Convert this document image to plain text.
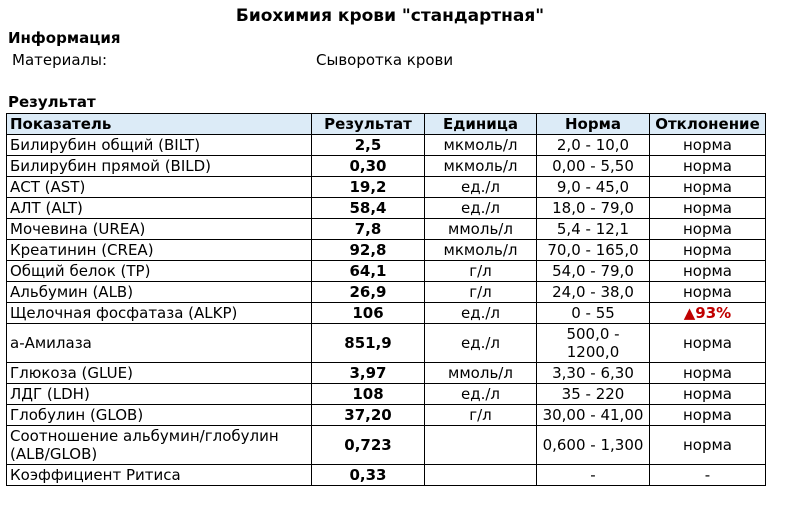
Биохимия крови "стандартная"
Информация
Материалы:	Сыворотка крови
Результат
Показатель	Результат	Единица	Норма	Отклонение
Билирубин общий (BILT)	2,5	мкмоль/л	2,0 - 10,0	норма
Билирубин прямой (BILD)	0,30	мкмоль/л	0,00 - 5,50	норма
АСТ (AST)	19,2	ед./л	9,0 - 45,0	норма
АЛТ (ALT)	58,4	ед./л	18,0 - 79,0	норма
Мочевина (UREA)	7,8	ммоль/л	5,4 - 12,1	норма
Креатинин (CREA)	92,8	мкмоль/л	70,0 - 165,0	норма
Общий белок (TP)	64,1	г/л	54,0 - 79,0	норма
Альбумин (ALB)	26,9	г/л	24,0 - 38,0	норма
Щелочная фосфатаза (ALKP)	106	ед./л	0 - 55	▲93%
a-Амилаза	851,9	ед./л	500,0 - 1200,0	норма
Глюкоза (GLUE)	3,97	ммоль/л	3,30 - 6,30	норма
ЛДГ (LDH)	108	ед./л	35 - 220	норма
Глобулин (GLOB)	37,20	г/л	30,00 - 41,00	норма
Соотношение альбумин/глобулин (ALB/GLOB)	0,723		0,600 - 1,300	норма
Коэффициент Ритиса	0,33		-	-
